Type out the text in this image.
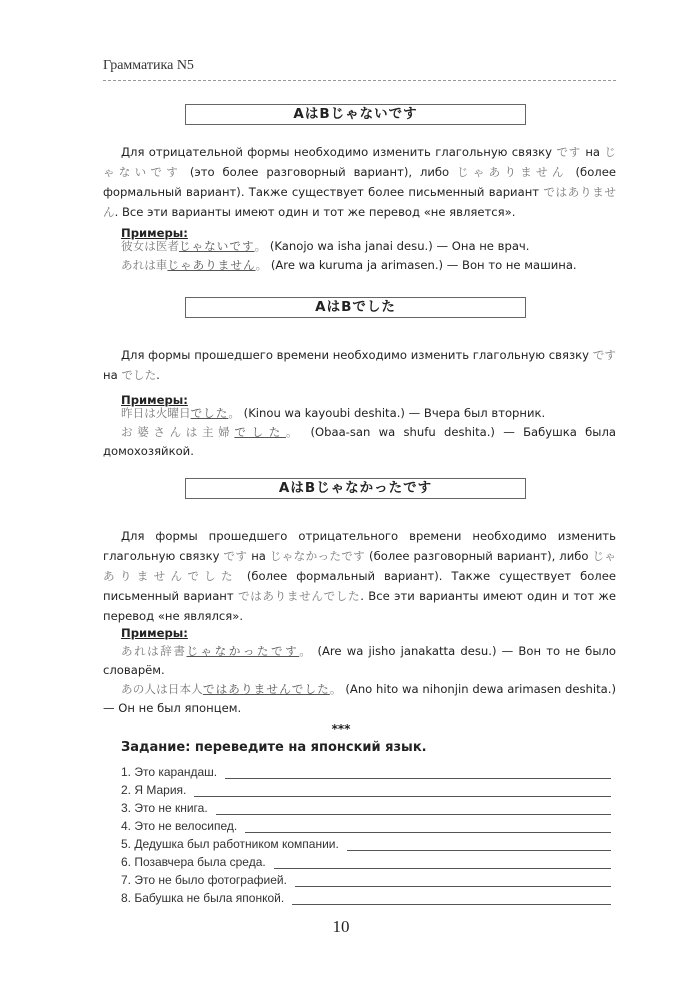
Грамматика N5
AはBじゃないです
Для отрицательной формы необходимо изменить глагольную связку です на じゃないです (это более разговорный вариант), либо じゃありません (более формальный вариант). Также существует более письменный вариант ではありません. Все эти варианты имеют один и тот же перевод «не является».
Примеры:
彼女は医者じゃないです。 (Kanojo wa isha janai desu.) — Она не врач.
あれは車じゃありません。 (Are wa kuruma ja arimasen.) — Вон то не машина.
AはBでした
Для формы прошедшего времени необходимо изменить глагольную связку です на でした.
Примеры:
昨日は火曜日でした。 (Kinou wa kayoubi deshita.) — Вчера был вторник.
お婆さんは主婦でした。 (Obaa-san wa shufu deshita.) — Бабушка была домохозяйкой.
AはBじゃなかったです
Для формы прошедшего отрицательного времени необходимо изменить глагольную связку です на じゃなかったです (более разговорный вариант), либо じゃありませんでした (более формальный вариант). Также существует более письменный вариант ではありませんでした. Все эти варианты имеют один и тот же перевод «не являлся».
Примеры:
あれは辞書じゃなかったです。 (Are wa jisho janakatta desu.) — Вон то не было словарём.
あの人は日本人ではありませんでした。 (Ano hito wa nihonjin dewa arimasen deshita.) — Он не был японцем.
***
Задание: переведите на японский язык.
1. Это карандаш.
2. Я Мария.
3. Это не книга.
4. Это не велосипед.
5. Дедушка был работником компании.
6. Позавчера была среда.
7. Это не было фотографией.
8. Бабушка не была японкой.
10
